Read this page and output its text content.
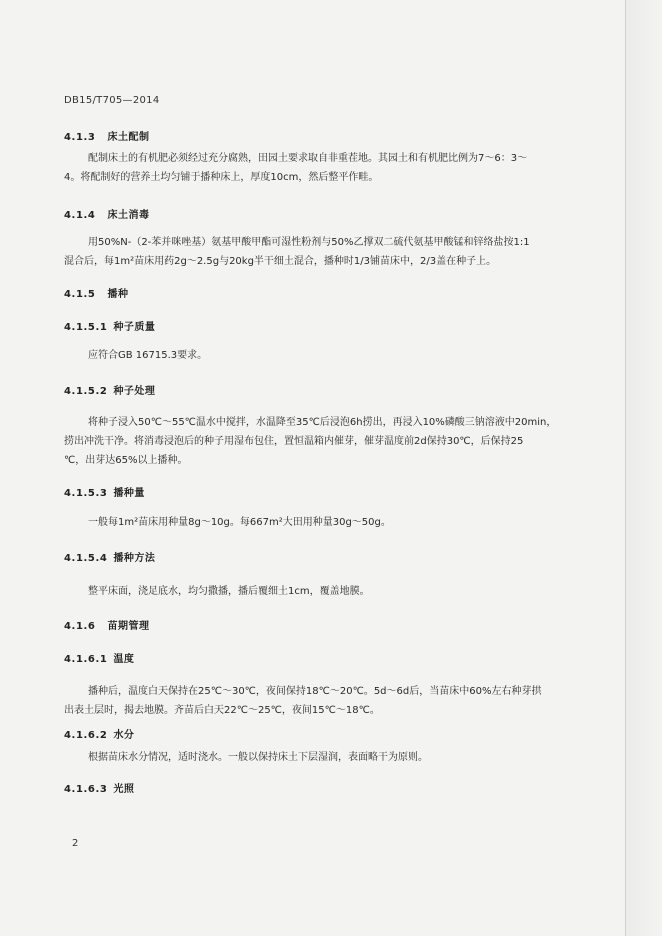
DB15/T705—2014
4.1.3 床土配制
配制床土的有机肥必须经过充分腐熟，田园土要求取自非重茬地。其园土和有机肥比例为7～6：3～
4。将配制好的营养土均匀铺于播种床上，厚度10cm，然后整平作畦。
4.1.4 床土消毒
用50%N-（2-苯并咪唑基）氨基甲酸甲酯可湿性粉剂与50%乙撑双二硫代氨基甲酸锰和锌络盐按1:1
混合后，每1m²苗床用药2g～2.5g与20kg半干细土混合，播种时1/3铺苗床中，2/3盖在种子上。
4.1.5 播种
4.1.5.1 种子质量
应符合GB 16715.3要求。
4.1.5.2 种子处理
将种子浸入50℃～55℃温水中搅拌，水温降至35℃后浸泡6h捞出，再浸入10%磷酸三钠溶液中20min，
捞出冲洗干净。将消毒浸泡后的种子用湿布包住，置恒温箱内催芽，催芽温度前2d保持30℃，后保持25
℃，出芽达65%以上播种。
4.1.5.3 播种量
一般每1m²苗床用种量8g～10g。每667m²大田用种量30g～50g。
4.1.5.4 播种方法
整平床面，浇足底水，均匀撒播，播后覆细土1cm，覆盖地膜。
4.1.6 苗期管理
4.1.6.1 温度
播种后，温度白天保持在25℃～30℃，夜间保持18℃～20℃。5d～6d后，当苗床中60%左右种芽拱
出表土层时，揭去地膜。齐苗后白天22℃～25℃，夜间15℃～18℃。
4.1.6.2 水分
根据苗床水分情况，适时浇水。一般以保持床土下层湿润，表面略干为原则。
4.1.6.3 光照
2
